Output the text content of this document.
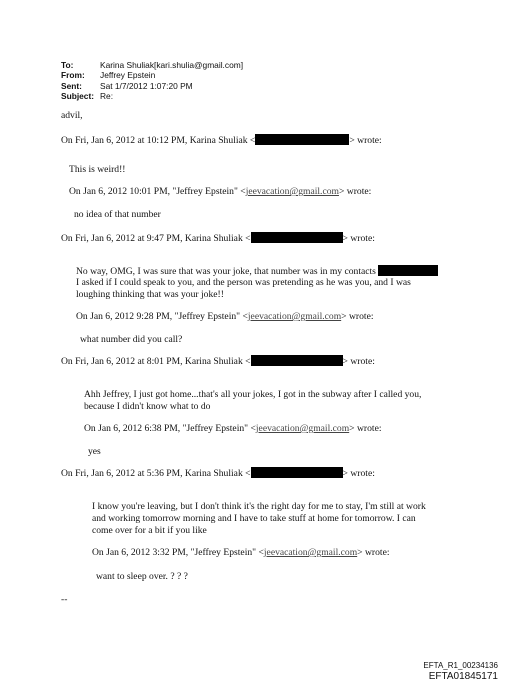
To:	Karina Shuliak[kari.shulia@gmail.com]
From:	Jeffrey Epstein
Sent:	Sat 1/7/2012 1:07:20 PM
Subject: Re:
advil,
On Fri, Jan 6, 2012 at 10:12 PM, Karina Shuliak <	> wrote:
This is weird!!
On Jan 6, 2012 10:01 PM, "Jeffrey Epstein" <jeevacation@gmail.com> wrote:
no idea of that number
On Fri, Jan 6, 2012 at 9:47 PM, Karina Shuliak <	> wrote:
No way, OMG, I was sure that was your joke, that number was in my contacts
I asked if I could speak to you, and the person was pretending as he was you, and I was
loughing thinking that was your joke!!
On Jan 6, 2012 9:28 PM, "Jeffrey Epstein" <jeevacation@gmail.com> wrote:
what number did you call?
On Fri, Jan 6, 2012 at 8:01 PM, Karina Shuliak <	> wrote:
Ahh Jeffrey, I just got home...that's all your jokes, I got in the subway after I called you,
because I didn't know what to do
On Jan 6, 2012 6:38 PM, "Jeffrey Epstein" <jeevacation@gmail.com> wrote:
yes
On Fri, Jan 6, 2012 at 5:36 PM, Karina Shuliak <	> wrote:
I know you're leaving, but I don't think it's the right day for me to stay, I'm still at work
and working tomorrow morning and I have to take stuff at home for tomorrow. I can
come over for a bit if you like
On Jan 6, 2012 3:32 PM, "Jeffrey Epstein" <jeevacation@gmail.com> wrote:
want to sleep over. ? ? ?
--
EFTA_R1_00234136
EFTA01845171
